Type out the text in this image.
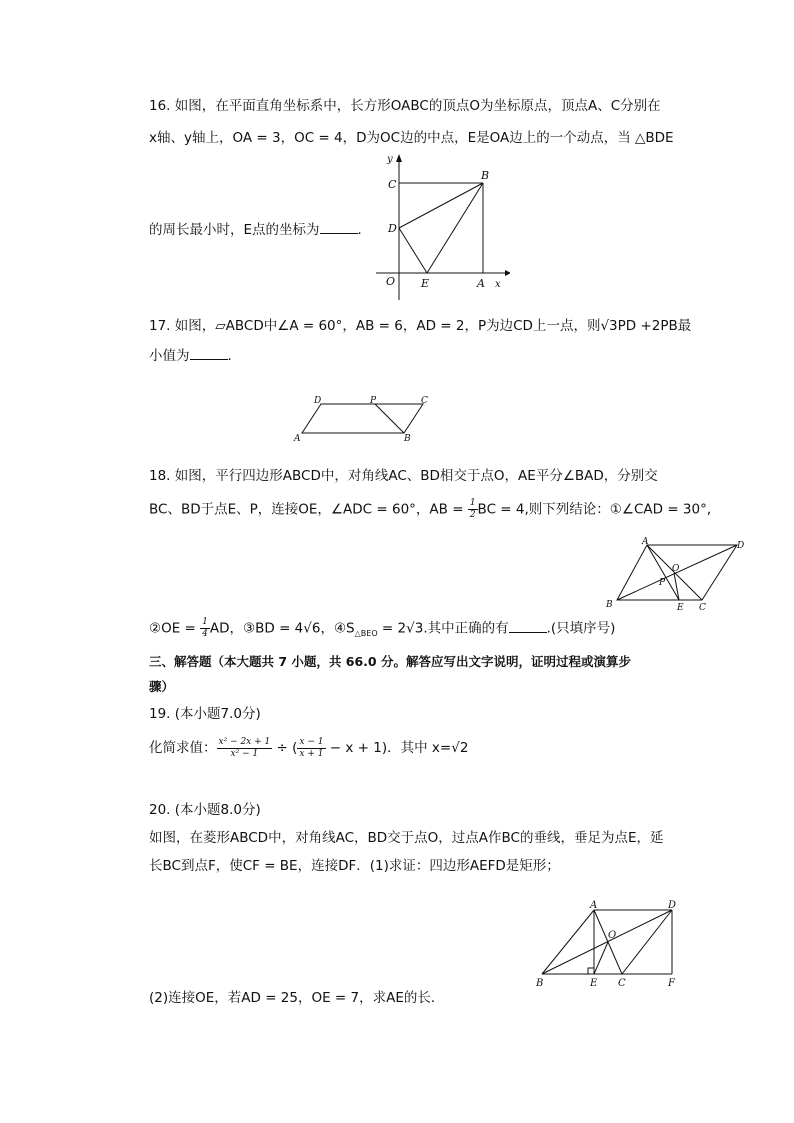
16. 如图，在平面直角坐标系中，长方形OABC的顶点O为坐标原点，顶点A、C分别在
x轴、y轴上，OA = 3，OC = 4，D为OC边的中点，E是OA边上的一个动点，当 △BDE
的周长最小时，E点的坐标为	．
y
C
B
D
O E	A x
17. 如图，▱ABCD中∠A = 60°，AB = 6，AD = 2，P为边CD上一点，则√3PD +2PB最
小值为	．
D	P	C
A	B
18. 如图，平行四边形ABCD中，对角线AC、BD相交于点O，AE平分∠BAD，分别交
BC、BD于点E、P，连接OE，∠ADC = 60°，AB = $\frac{1}{2}$ BC = 4,则下列结论：①∠CAD = 30°,
A	D
O
P
B	E C
②OE = $\frac{1}{4}$ AD，③BD = 4√6，$④S_{\triangle BEO} = 2√3$.其中正确的有	.(只填序号)
三、解答题（本大题共 7 小题，共 66.0 分。解答应写出文字说明，证明过程或演算步
骤）
19. (本小题7.0分)
化简求值： $\frac{\text{x² − 2x + 1}}{\text{x² − 1}}$ ÷ ( $\frac{x - 1}{x + 1} - x + 1$)．其中 x=√2
20. (本小题8.0分)
如图，在菱形ABCD中，对角线AC，BD交于点O，过点A作BC的垂线，垂足为点E，延
长BC到点F，使CF = BE，连接DF．(1)求证：四边形AEFD是矩形；
A	D
O
B	E C	F
(2)连接OE，若AD = 25，OE = 7，求AE的长．
